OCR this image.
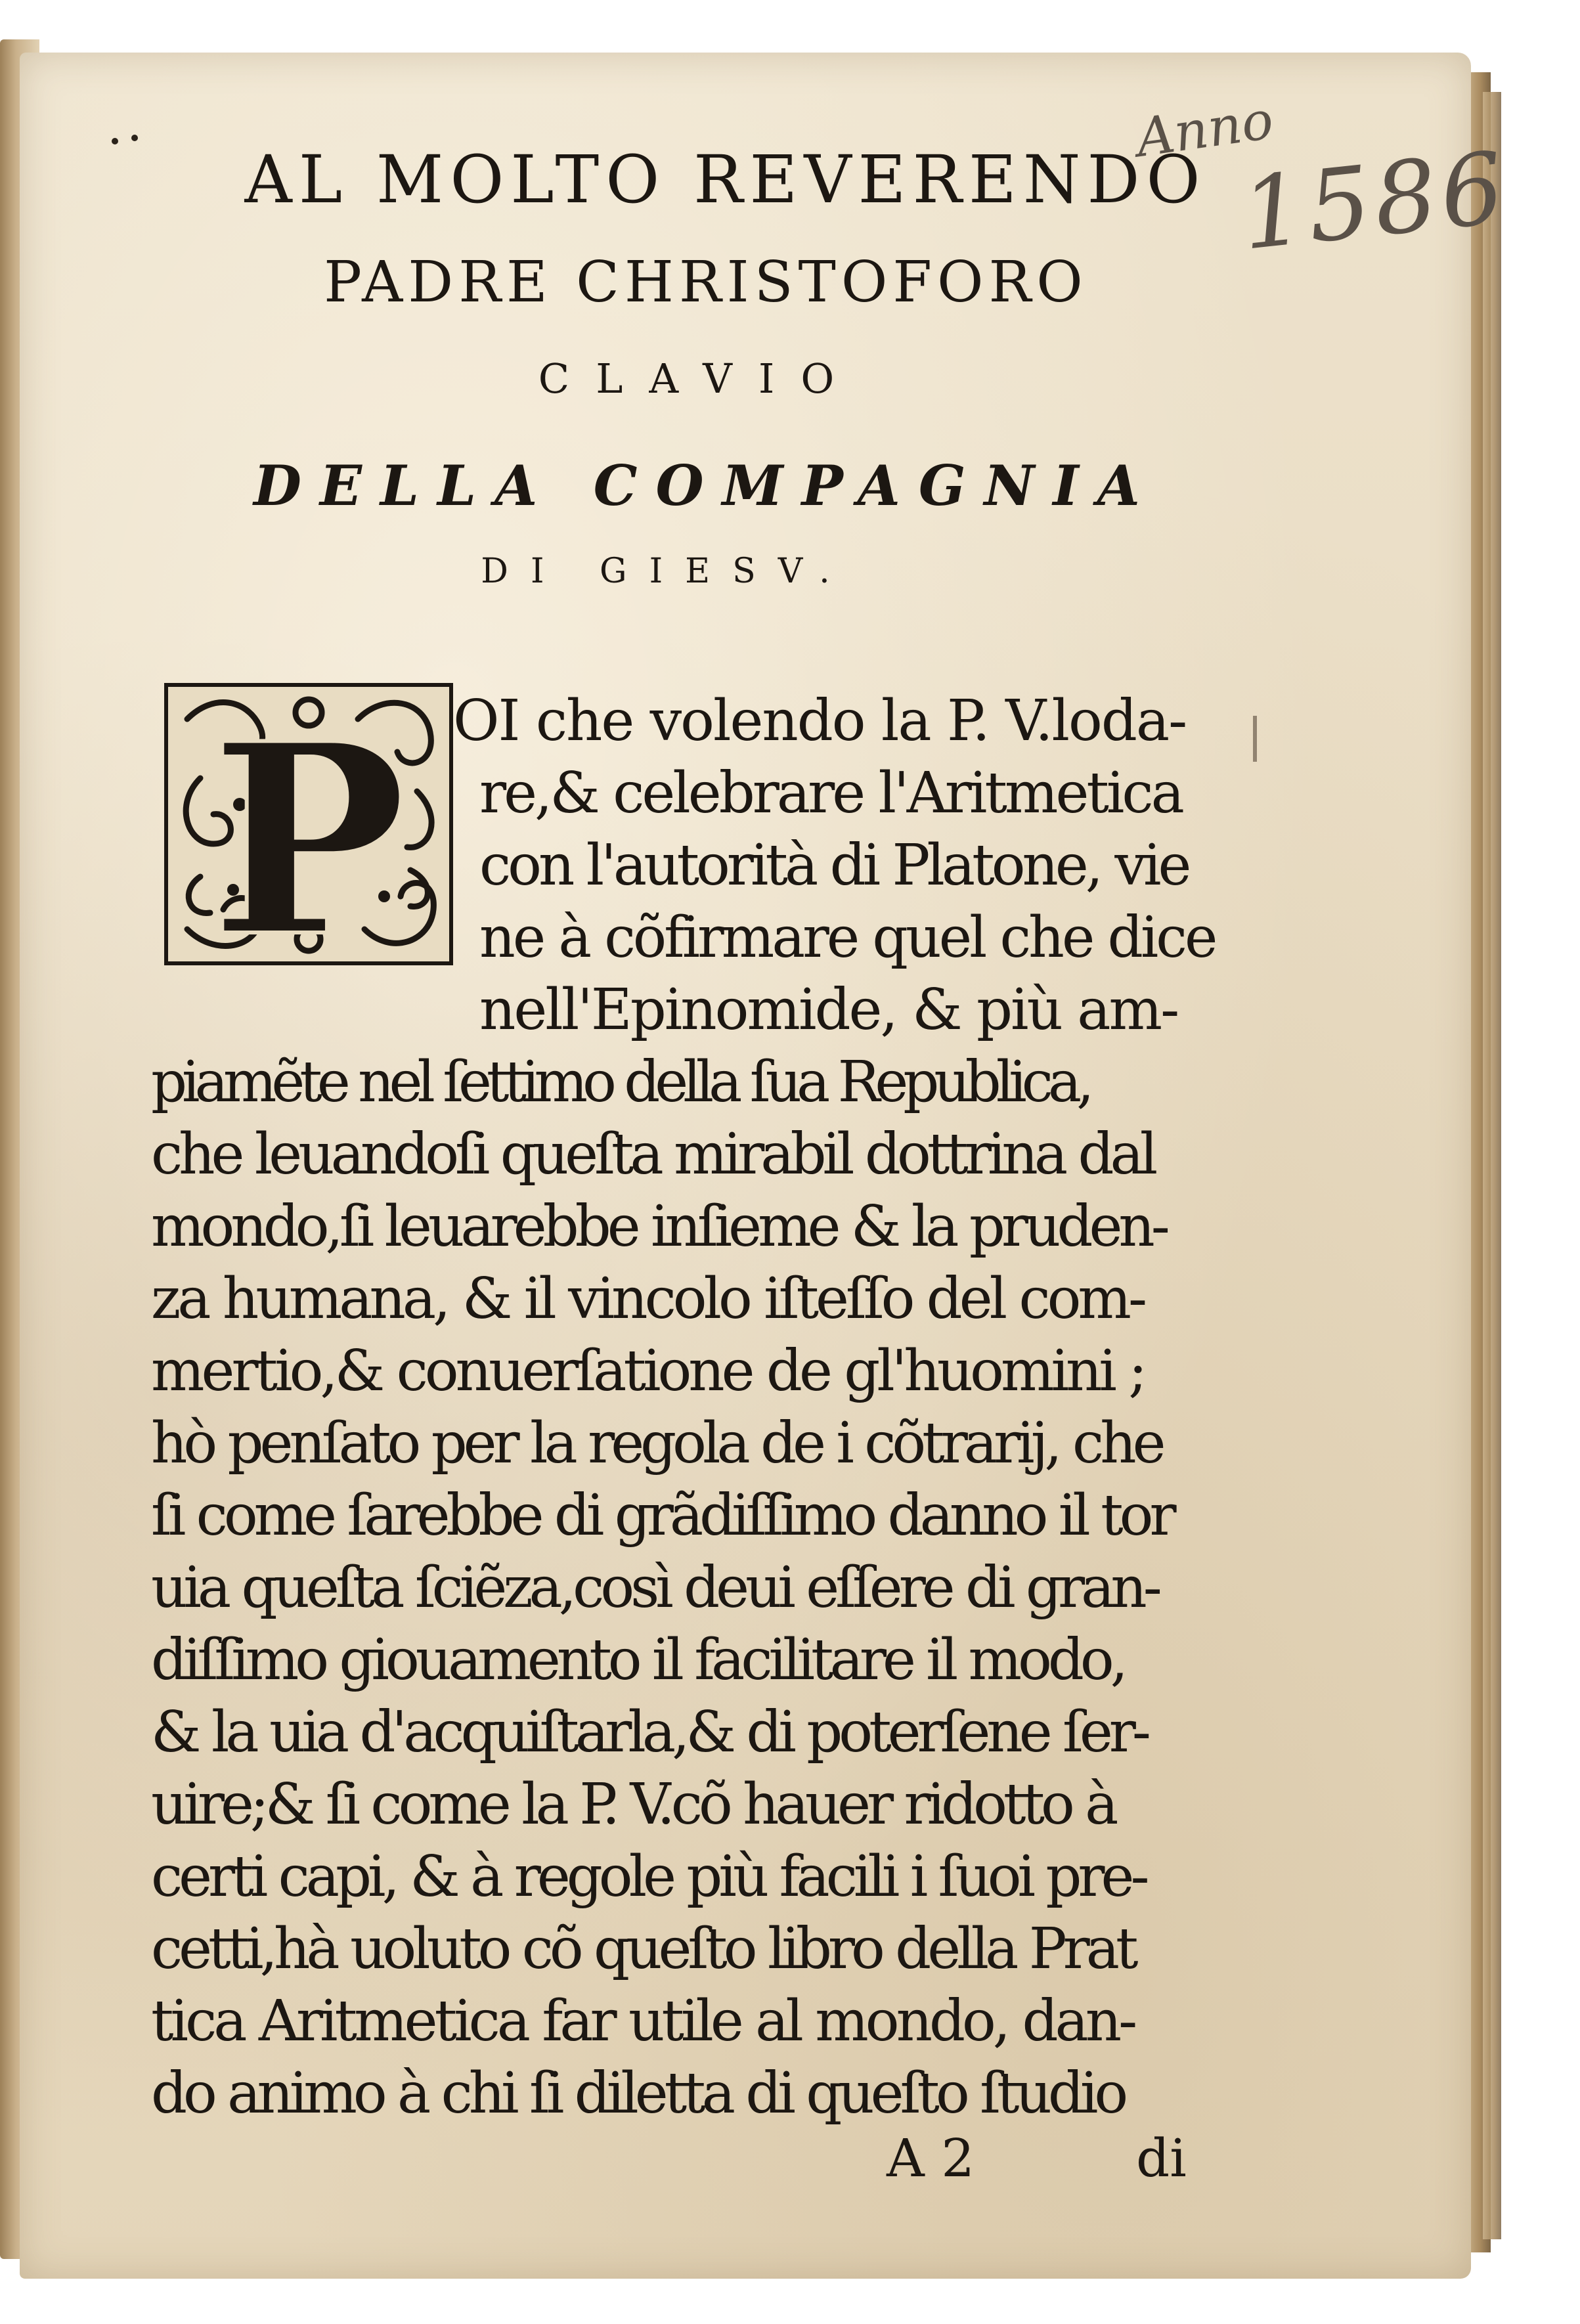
Anno
1586
AL MOLTO REVERENDO
PADRE CHRISTOFORO
CLAVIO
DELLA COMPAGNIA
DI GIESV.
P OI che volendo la P. V.loda-

re,& celebrare l'Aritmetica

con l'autorità di Platone, vie

ne à cõfirmare quel che dice

nell'Epinomide, & più am-

piamẽte nel ſettimo della ſua Republica,

che leuandoſi queſta mirabil dottrina dal

mondo,ſi leuarebbe inſieme & la pruden-

za humana, & il vincolo iſteſſo del com-

mertio,& conuerſatione de gl'huomini ;

hò penſato per la regola de i cõtrarij, che

ſi come ſarebbe di grãdiſſimo danno il tor

uia queſta ſciẽza,così deui eſſere di gran-

diſſimo giouamento il facilitare il modo,

& la uia d'acquiſtarla,& di poterſene ſer-

uire;& ſi come la P. V.cõ hauer ridotto à

certi capi, & à regole più facili i ſuoi pre-

cetti,hà uoluto cõ queſto libro della Prat

tica Aritmetica far utile al mondo, dan-

do animo à chi ſi diletta di queſto ſtudio

A 2	di
